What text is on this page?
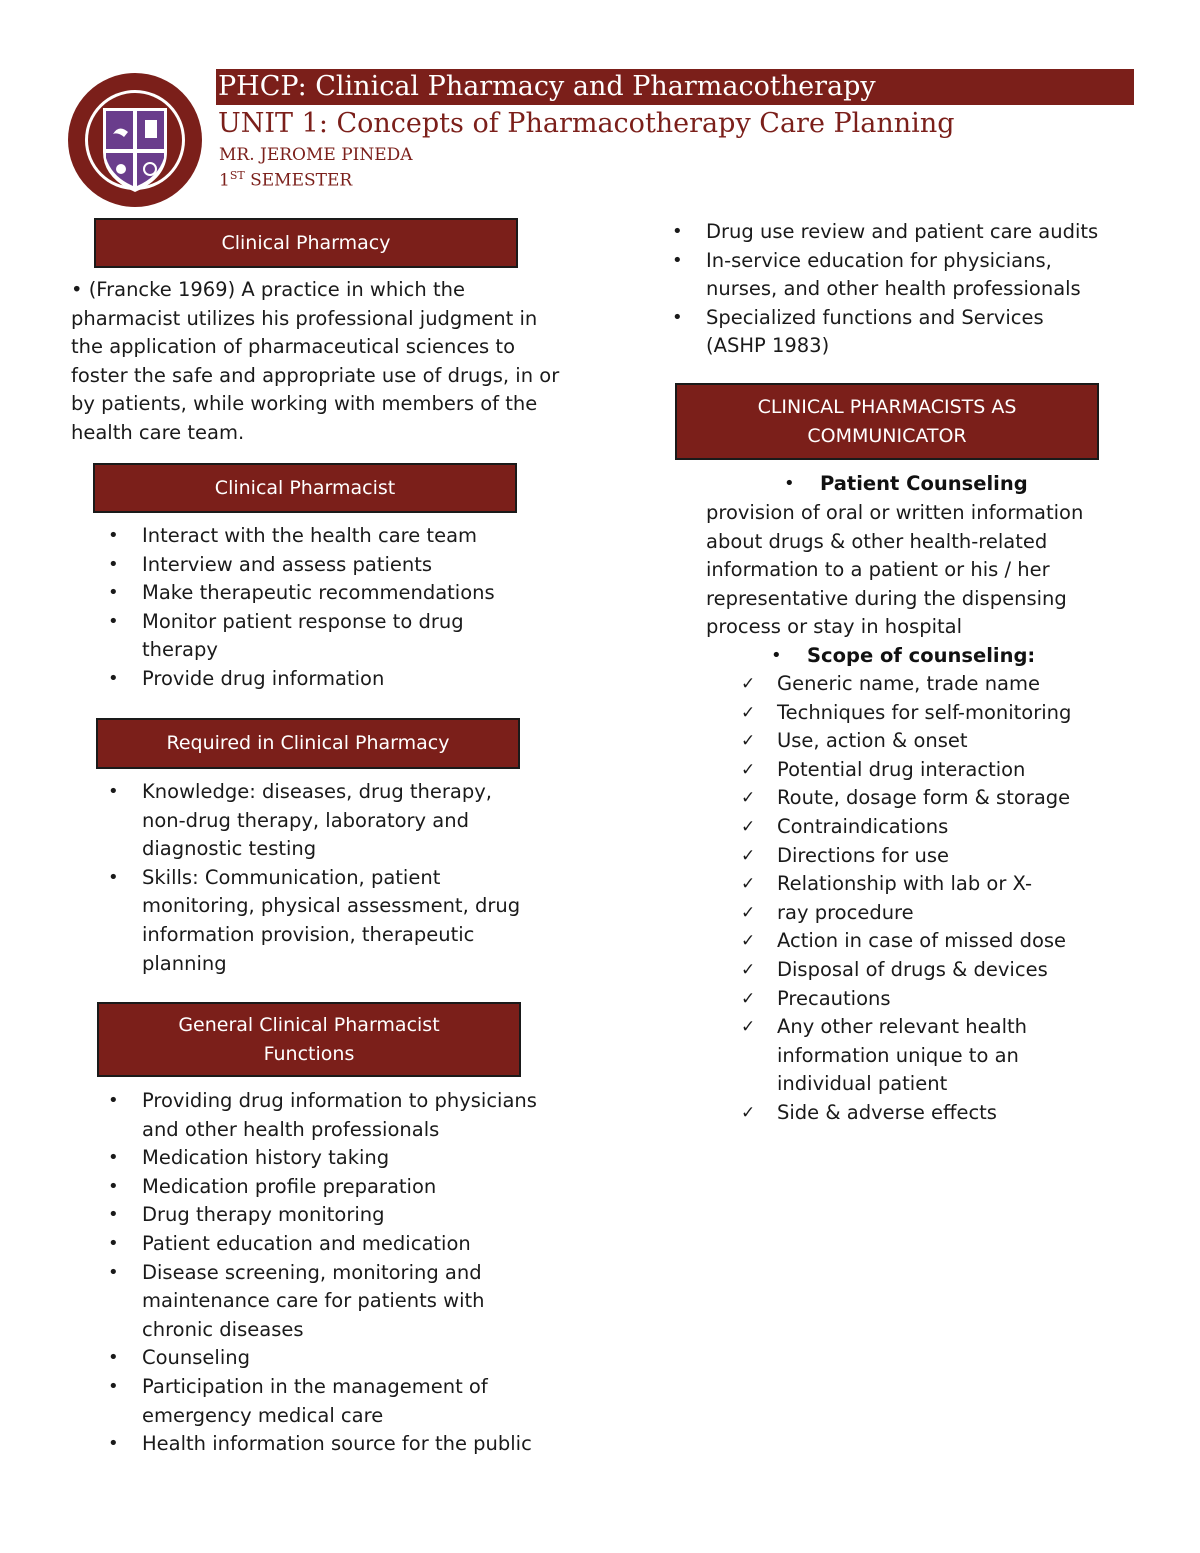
PHCP: Clinical Pharmacy and Pharmacotherapy
UNIT 1: Concepts of Pharmacotherapy Care Planning
MR. JEROME PINEDA
1ST SEMESTER
Clinical Pharmacy
• (Francke 1969) A practice in which the pharmacist utilizes his professional judgment in the application of pharmaceutical sciences to foster the safe and appropriate use of drugs, in or by patients, while working with members of the health care team.
Clinical Pharmacist
• Interact with the health care team
• Interview and assess patients
• Make therapeutic recommendations
• Monitor patient response to drug therapy
• Provide drug information
Required in Clinical Pharmacy
• Knowledge: diseases, drug therapy, non-drug therapy, laboratory and diagnostic testing
• Skills: Communication, patient monitoring, physical assessment, drug information provision, therapeutic planning
General Clinical Pharmacist
Functions
• Providing drug information to physicians and other health professionals
• Medication history taking
• Medication profile preparation
• Drug therapy monitoring
• Patient education and medication
• Disease screening, monitoring and maintenance care for patients with chronic diseases
• Counseling
• Participation in the management of emergency medical care
• Health information source for the public
• Drug use review and patient care audits
• In-service education for physicians, nurses, and other health professionals
• Specialized functions and Services (ASHP 1983)
CLINICAL PHARMACISTS AS
COMMUNICATOR
• Patient Counseling
provision of oral or written information about drugs & other health-related information to a patient or his / her representative during the dispensing process or stay in hospital
• Scope of counseling:
✓ Generic name, trade name
✓ Techniques for self-monitoring
✓ Use, action & onset
✓ Potential drug interaction
✓ Route, dosage form & storage
✓ Contraindications
✓ Directions for use
✓ Relationship with lab or X-
✓ ray procedure
✓ Action in case of missed dose
✓ Disposal of drugs & devices
✓ Precautions
✓ Any other relevant health information unique to an individual patient
✓ Side & adverse effects
